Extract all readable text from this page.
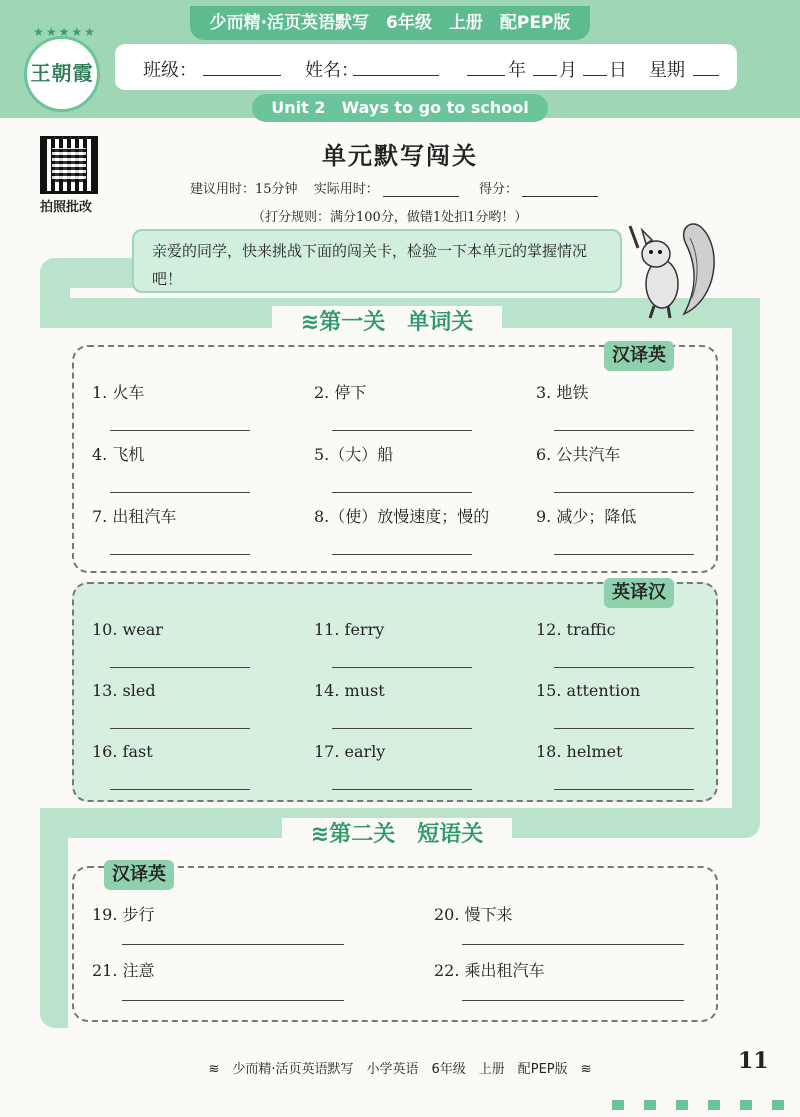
少而精·活页英语默写　6年级　上册　配PEP版
★★★★★
王朝霞	班级：	姓名：	年 月 日 星期
Unit 2　Ways to go to school
拍照批改
单元默写闯关
建议用时：15分钟 实际用时：	得分：
（打分规则：满分100分，做错1处扣1分哟！）
亲爱的同学，快来挑战下面的闯关卡，检验一下本单元的掌握情况吧！
≋第一关　单词关
汉译英
英译汉
1. 火车	2. 停下	3. 地铁
4. 飞机	5.（大）船	6. 公共汽车
7. 出租汽车	8.（使）放慢速度；慢的	9. 减少；降低
10. wear	11. ferry	12. traffic
13. sled	14. must	15. attention
16. fast	17. early	18. helmet
≋第二关　短语关
汉译英
19. 步行	20. 慢下来
21. 注意	22. 乘出租汽车
≋　少而精·活页英语默写　小学英语　6年级　上册　配PEP版　≋	11
